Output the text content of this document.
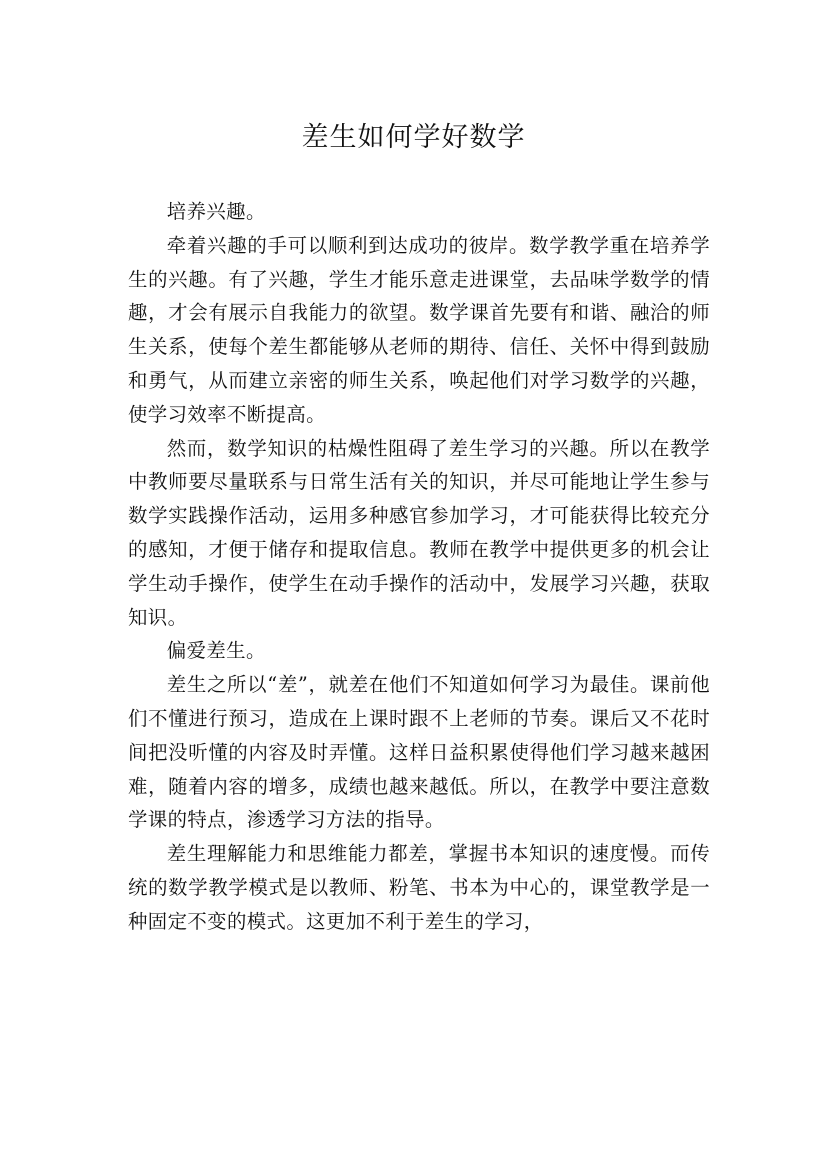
差生如何学好数学

培养兴趣。

牵着兴趣的手可以顺利到达成功的彼岸。数学教学重在培养学生的兴趣。有了兴趣，学生才能乐意走进课堂，去品味学数学的情趣，才会有展示自我能力的欲望。数学课首先要有和谐、融洽的师生关系，使每个差生都能够从老师的期待、信任、关怀中得到鼓励和勇气，从而建立亲密的师生关系，唤起他们对学习数学的兴趣，使学习效率不断提高。

然而，数学知识的枯燥性阻碍了差生学习的兴趣。所以在教学中教师要尽量联系与日常生活有关的知识，并尽可能地让学生参与数学实践操作活动，运用多种感官参加学习，才可能获得比较充分的感知，才便于储存和提取信息。教师在教学中提供更多的机会让学生动手操作，使学生在动手操作的活动中，发展学习兴趣，获取知识。

偏爱差生。

差生之所以“差”，就差在他们不知道如何学习为最佳。课前他们不懂进行预习，造成在上课时跟不上老师的节奏。课后又不花时间把没听懂的内容及时弄懂。这样日益积累使得他们学习越来越困难，随着内容的增多，成绩也越来越低。所以，在教学中要注意数学课的特点，渗透学习方法的指导。

差生理解能力和思维能力都差，掌握书本知识的速度慢。而传统的数学教学模式是以教师、粉笔、书本为中心的，课堂教学是一种固定不变的模式。这更加不利于差生的学习，
